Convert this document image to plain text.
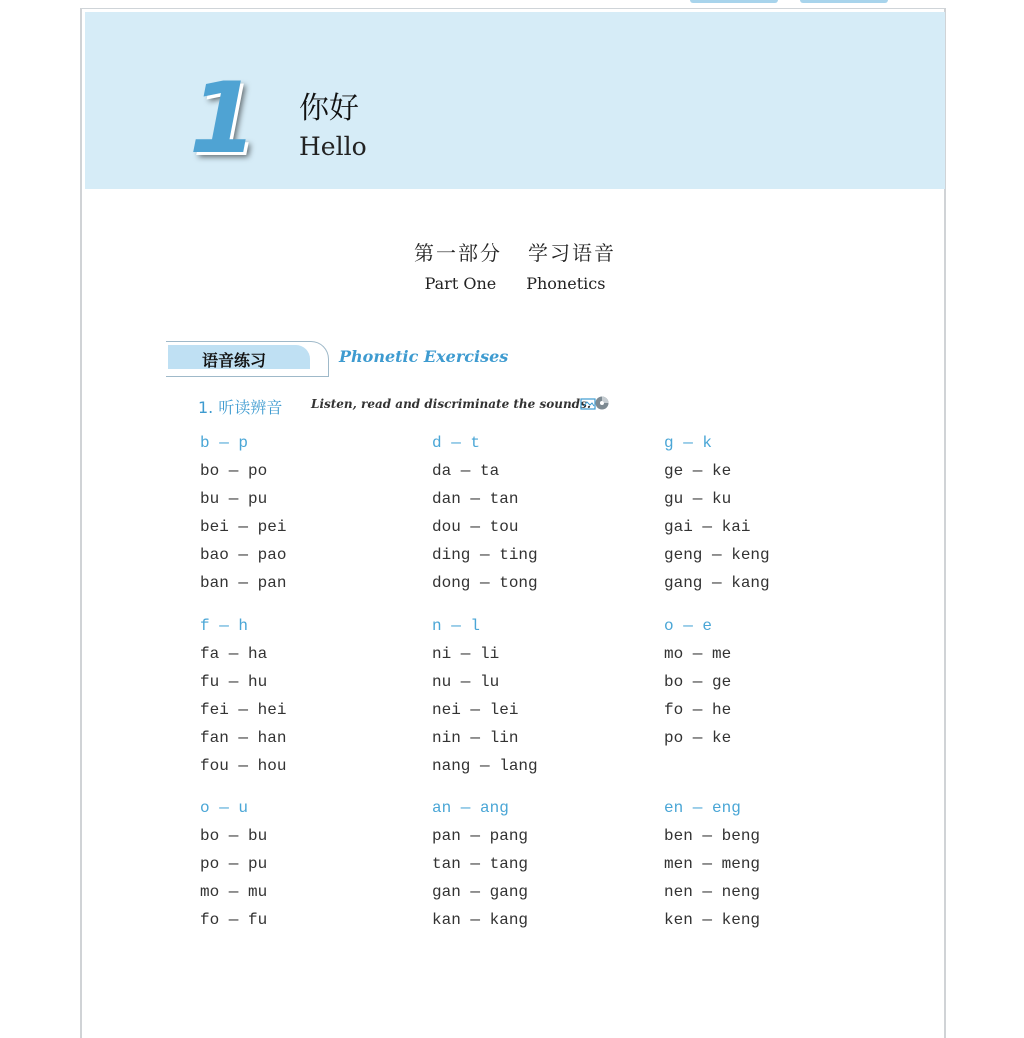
1 你好
Hello
第一部分 学习语音
Part One Phonetics
语音练习	Phonetic Exercises
1. 听读辨音 Listen, read and discriminate the sounds.
b — p
bo — po
bu — pu
bei — pei
bao — pao
ban — pan
d — t
da — ta
dan — tan
dou — tou
ding — ting
dong — tong
g — k
ge — ke
gu — ku
gai — kai
geng — keng
gang — kang
f — h
fa — ha
fu — hu
fei — hei
fan — han
fou — hou
n — l
ni — li
nu — lu
nei — lei
nin — lin
nang — lang
o — e
mo — me
bo — ge
fo — he
po — ke
o — u
bo — bu
po — pu
mo — mu
fo — fu
an — ang
pan — pang
tan — tang
gan — gang
kan — kang
en — eng
ben — beng
men — meng
nen — neng
ken — keng
